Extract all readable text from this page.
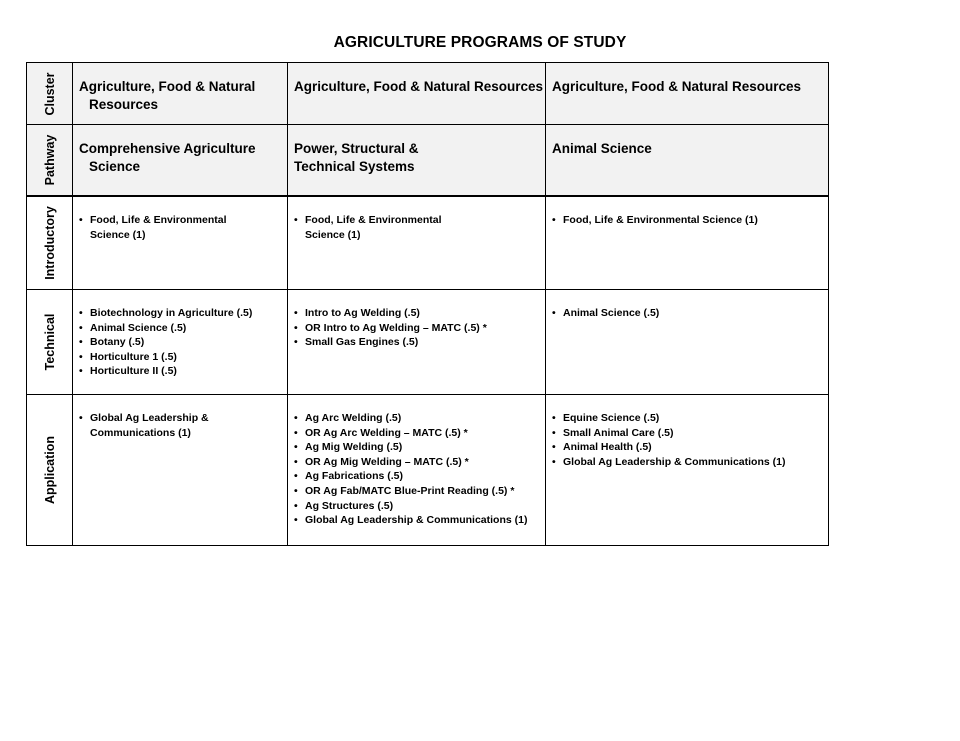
AGRICULTURE PROGRAMS OF STUDY
Cluster Agriculture, Food & Natural
Resources
Agriculture, Food & Natural Resources Agriculture, Food & Natural Resources
Pathway Comprehensive Agriculture
Science
Power, Structural &
Technical Systems
Animal Science
Introductory
•	Food, Life & Environmental
Science (1)
• Food, Life & Environmental
Science (1)
• Food, Life & Environmental Science (1)
Technical
• Biotechnology in Agriculture (.5)
• Animal Science (.5)
• Botany (.5)
• Horticulture 1 (.5)
• Horticulture II (.5)
• Intro to Ag Welding (.5)
• OR Intro to Ag Welding – MATC (.5) *
• Small Gas Engines (.5)
• Animal Science (.5)
Application
• Global Ag Leadership &
Communications (1)
• Ag Arc Welding (.5)
• OR Ag Arc Welding – MATC (.5) *
• Ag Mig Welding (.5)
• OR Ag Mig Welding – MATC (.5) *
• Ag Fabrications (.5)
• OR Ag Fab/MATC Blue-Print Reading (.5) *
• Ag Structures (.5)
• Global Ag Leadership & Communications (1)
• Equine Science (.5)
• Small Animal Care (.5)
• Animal Health (.5)
• Global Ag Leadership & Communications (1)
